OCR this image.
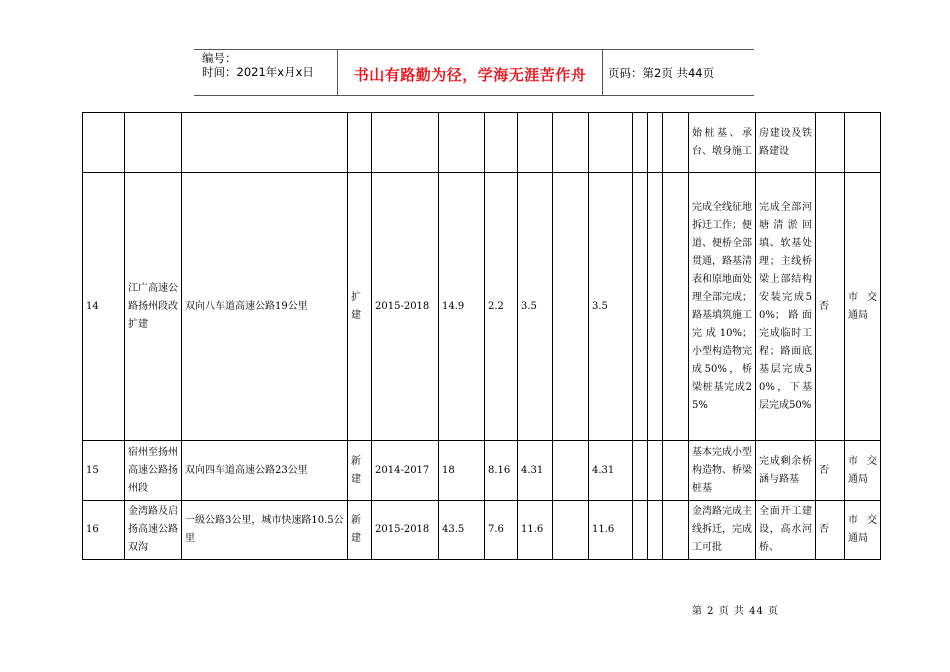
编号：
时间：2021年x月x日	书山有路勤为径，学海无涯苦作舟	页码：第2页 共44页
													始桩基、承台、墩身施工	房建设及铁路建设		
14	江广高速公路扬州段改扩建	双向八车道高速公路19公里	扩建	2015-2018	14.9	2.2	3.5		3.5				完成全线征地拆迁工作；便道、便桥全部贯通，路基清表和原地面处理全部完成；路基填筑施工完成10%；小型构造物完成50%，桥梁桩基完成25%	完成全部河塘清淤回填、软基处理；主线桥梁上部结构安装完成50%；路面完成临时工程；路面底基层完成50%，下基层完成50%	否	市交通局
15	宿州至扬州高速公路扬州段	双向四车道高速公路23公里	新建	2014-2017	18	8.16	4.31		4.31				基本完成小型构造物、桥梁桩基	完成剩余桥涵与路基	否	市交通局
16	金湾路及启扬高速公路双沟	一级公路3公里，城市快速路10.5公里	新建	2015-2018	43.5	7.6	11.6		11.6				金湾路完成主线拆迁，完成工可批	全面开工建设，高水河桥、	否	市交通局
第 2 页 共 44 页
